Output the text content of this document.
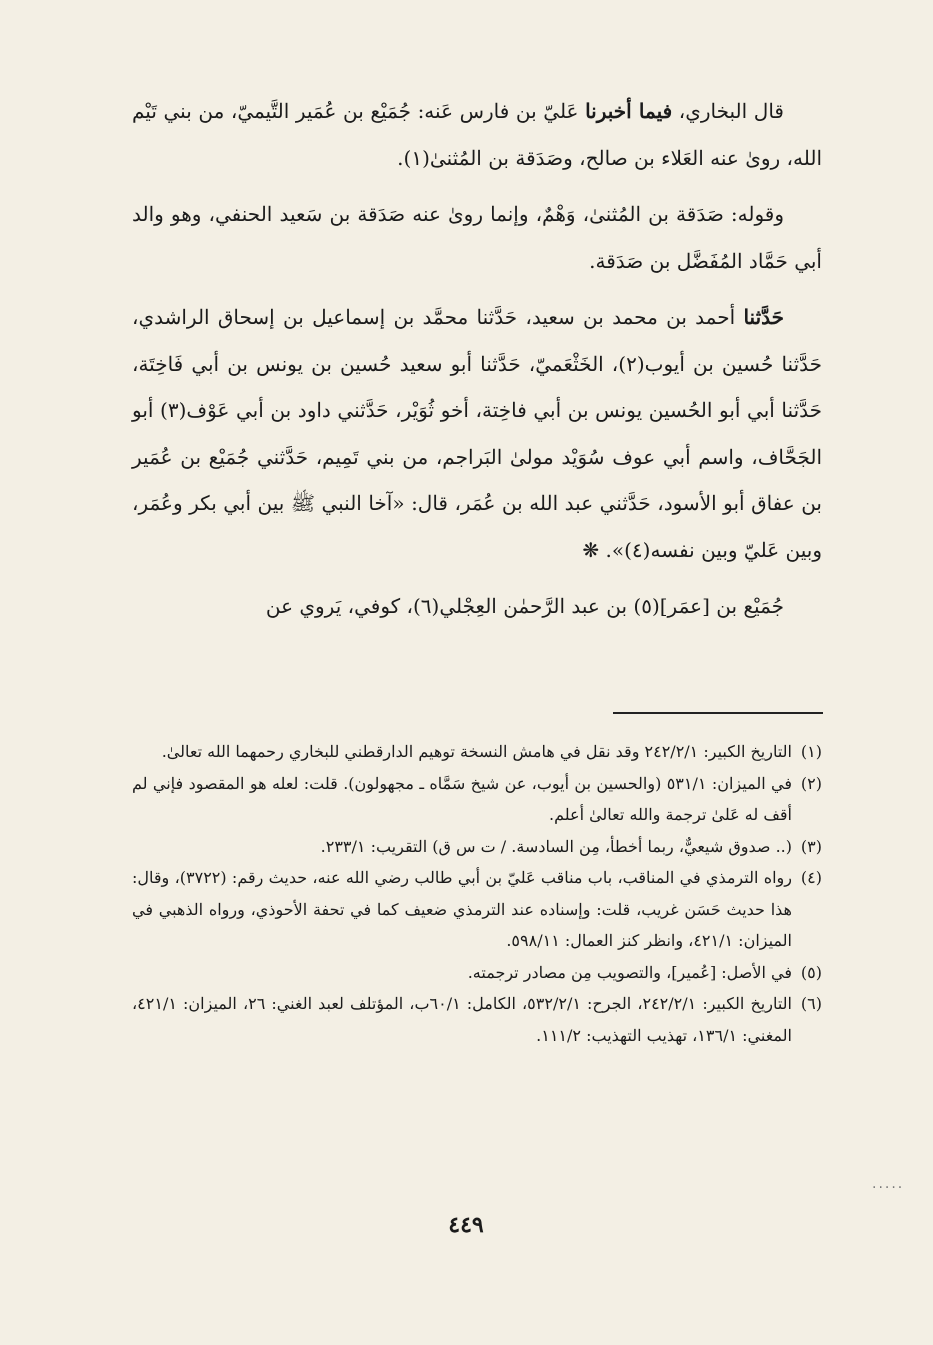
قال البخاري، فيما أخبرنا عَليّ بن فارس عَنه: جُمَيْع بن عُمَير التَّيميّ، من بني تَيْم الله، روىٰ عنه العَلاء بن صالح، وصَدَقة بن المُثنىٰ(١).

وقوله: صَدَقة بن المُثنىٰ، وَهْمٌ، وإنما روىٰ عنه صَدَقة بن سَعيد الحنفي، وهو والد أبي حَمَّاد المُفَضَّل بن صَدَقة.

حَدَّثنا أحمد بن محمد بن سعيد، حَدَّثنا محمَّد بن إسماعيل بن إسحاق الراشدي، حَدَّثنا حُسين بن أيوب(٢)، الخَثْعَميّ، حَدَّثنا أبو سعيد حُسين بن يونس بن أبي فَاخِتَة، حَدَّثنا أبي أبو الحُسين يونس بن أبي فاخِتة، أخو ثُوَيْر، حَدَّثني داود بن أبي عَوْف(٣) أبو الجَحَّاف، واسم أبي عوف سُوَيْد مولىٰ البَراجم، من بني تَمِيم، حَدَّثني جُمَيْع بن عُمَير بن عفاق أبو الأسود، حَدَّثني عبد الله بن عُمَر، قال: «آخا النبي ﷺ بين أبي بكر وعُمَر، وبين عَليّ وبين نفسه(٤)». ❋

جُمَيْع بن [عمَر](٥) بن عبد الرَّحمٰن العِجْلي(٦)، كوفي، يَروي عن

(١)
التاريخ الكبير: ٢٤٢/٢/١ وقد نقل في هامش النسخة توهيم الدارقطني للبخاري رحمهما الله تعالىٰ.
(٢)
في الميزان: ٥٣١/١ (والحسين بن أيوب، عن شيخ سَمَّاه ـ مجهولون). قلت: لعله هو المقصود فإني لم أقف له عَلىٰ ترجمة والله تعالىٰ أعلم.
(٣)
(.. صدوق شيعيٌّ، ربما أخطأ، مِن السادسة. / ت س ق) التقريب: ٢٣٣/١.
(٤)
رواه الترمذي في المناقب، باب مناقب عَليّ بن أبي طالب رضي الله عنه، حديث رقم: (٣٧٢٢)، وقال: هذا حديث حَسَن غريب، قلت: وإسناده عند الترمذي ضعيف كما في تحفة الأحوذي، ورواه الذهبي في الميزان: ٤٢١/١، وانظر كنز العمال: ٥٩٨/١١.
(٥)
في الأصل: [عُمير]، والتصويب مِن مصادر ترجمته.
(٦)
التاريخ الكبير: ٢٤٢/٢/١، الجرح: ٥٣٢/٢/١، الكامل: ٦٠/١ب، المؤتلف لعبد الغني: ٢٦، الميزان: ٤٢١/١، المغني: ١٣٦/١، تهذيب التهذيب: ١١١/٢.
٤٤٩
.....
